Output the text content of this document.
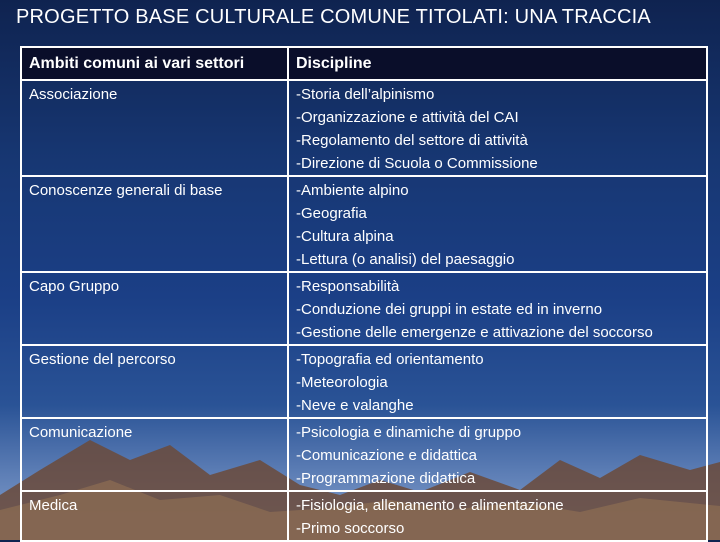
PROGETTO BASE CULTURALE COMUNE TITOLATI: UNA TRACCIA
Ambiti comuni ai vari settori	Discipline
Associazione	-Storia dell’alpinismo
-Organizzazione e attività del CAI
-Regolamento del settore di attività
-Direzione di Scuola o Commissione

Conoscenze generali di base	-Ambiente alpino
-Geografia
-Cultura alpina
-Lettura (o analisi) del paesaggio

Capo Gruppo	-Responsabilità
-Conduzione dei gruppi in estate ed in inverno
-Gestione delle emergenze e attivazione del soccorso

Gestione del percorso	-Topografia ed orientamento
-Meteorologia
-Neve e valanghe

Comunicazione	-Psicologia e dinamiche di gruppo
-Comunicazione e didattica
-Programmazione didattica

Medica	-Fisiologia, allenamento e alimentazione
-Primo soccorso
